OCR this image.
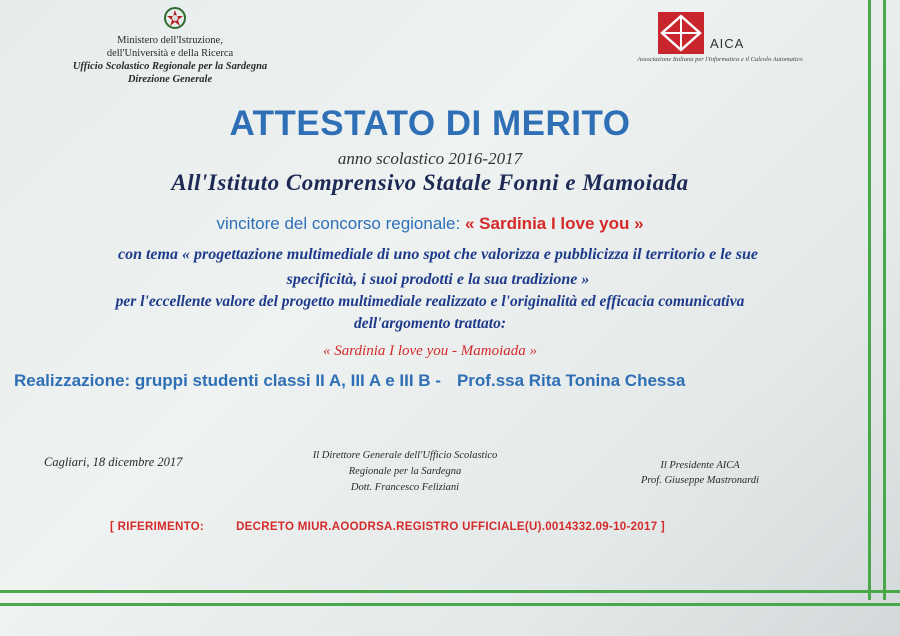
Ministero dell'Istruzione,
dell'Università e della Ricerca
Ufficio Scolastico Regionale per la Sardegna
Direzione Generale
AICA
Associazione Italiana per l'Informatica e il Calcolo Automatico
ATTESTATO DI MERITO
anno scolastico 2016-2017
All'Istituto Comprensivo Statale Fonni e Mamoiada
vincitore del concorso regionale: « Sardinia I love you »
con tema « progettazione multimediale di uno spot che valorizza e pubblicizza il territorio e le sue
specificità, i suoi prodotti e la sua tradizione »
per l'eccellente valore del progetto multimediale realizzato e l'originalità ed efficacia comunicativa
dell'argomento trattato:
« Sardinia I love you - Mamoiada »
Realizzazione: gruppi studenti classi II A, III A e III B - Prof.ssa Rita Tonina Chessa
Cagliari, 18 dicembre 2017	Il Direttore Generale dell'Ufficio Scolastico
Regionale per la Sardegna
Dott. Francesco Feliziani
Il Presidente AICA
Prof. Giuseppe Mastronardi
[ RIFERIMENTO:	DECRETO MIUR.AOODRSA.REGISTRO UFFICIALE(U).0014332.09-10-2017 ]
